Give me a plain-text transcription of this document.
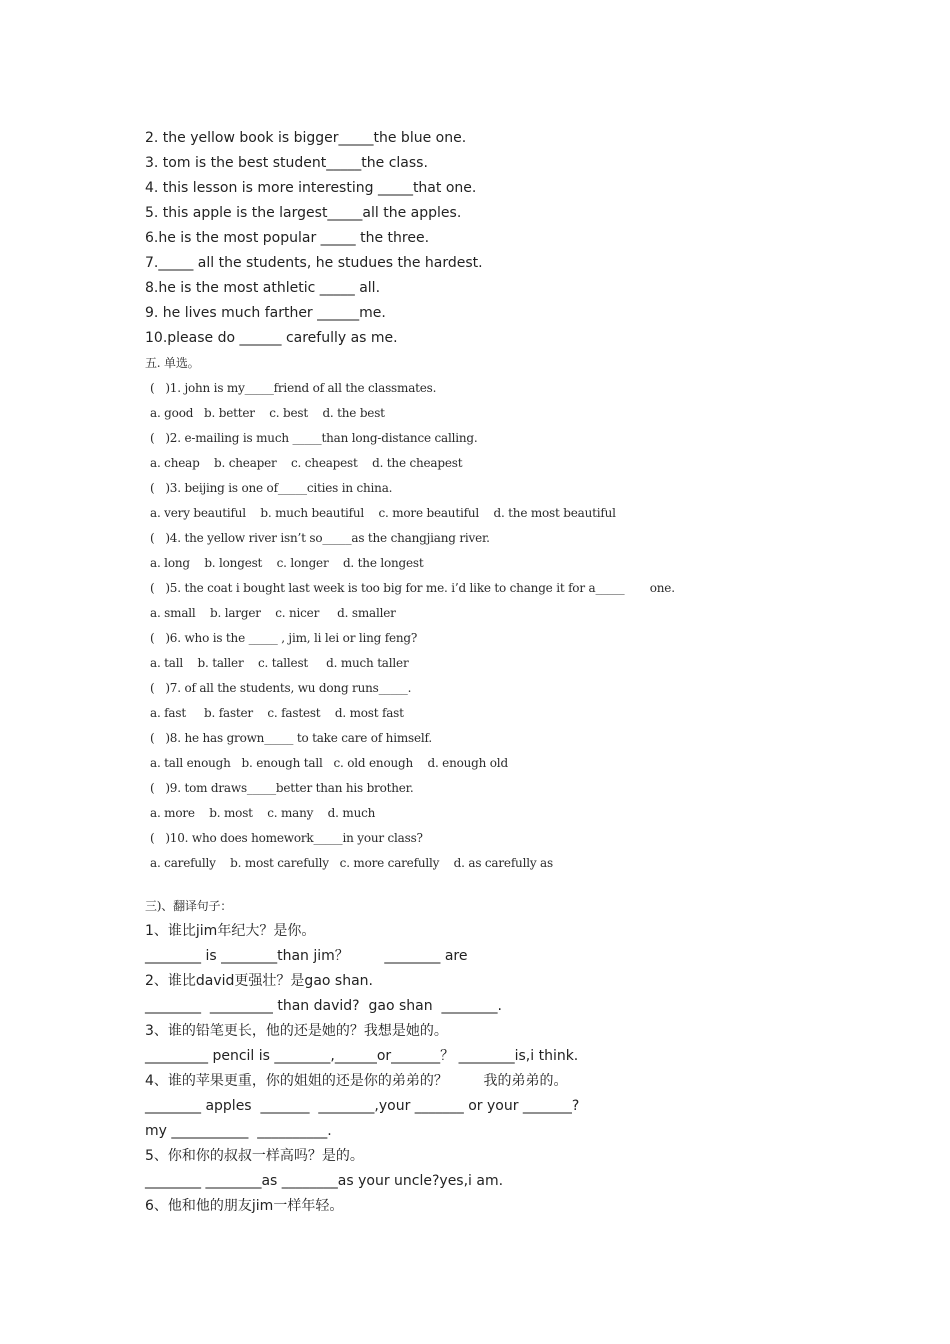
2. the yellow book is bigger_____the blue one.
3. tom is the best student_____the class.
4. this lesson is more interesting _____that one.
5. this apple is the largest_____all the apples.
6.he is the most popular _____ the three.
7._____ all the students, he studues the hardest.
8.he is the most athletic _____ all.
9. he lives much farther ______me.
10.please do ______ carefully as me.
五. 单选。
(   )1. john is my_____friend of all the classmates.
a. good   b. better    c. best    d. the best
(   )2. e-mailing is much _____than long-distance calling.
a. cheap    b. cheaper    c. cheapest    d. the cheapest
(   )3. beijing is one of_____cities in china.
a. very beautiful    b. much beautiful    c. more beautiful    d. the most beautiful
(   )4. the yellow river isn’t so_____as the changjiang river.
a. long    b. longest    c. longer    d. the longest
(   )5. the coat i bought last week is too big for me. i’d like to change it for a_____       one.
a. small    b. larger    c. nicer     d. smaller
(   )6. who is the _____ , jim, li lei or ling feng?
a. tall    b. taller    c. tallest     d. much taller
(   )7. of all the students, wu dong runs_____.
a. fast     b. faster    c. fastest    d. most fast
(   )8. he has grown_____ to take care of himself.
a. tall enough   b. enough tall   c. old enough    d. enough old
(   )9. tom draws_____better than his brother.
a. more    b. most    c. many    d. much
(   )10. who does homework_____in your class?
a. carefully    b. most carefully   c. more carefully    d. as carefully as
三)、翻译句子：
1、谁比jim年纪大？是你。
________ is ________than jim？        ________ are
2、谁比david更强壮？是gao shan.
________  _________ than david?  gao shan  ________.
3、谁的铅笔更长，他的还是她的？我想是她的。
_________ pencil is ________,______or_______？ ________is,i think.
4、谁的苹果更重，你的姐姐的还是你的弟弟的？        我的弟弟的。
________ apples  _______  ________,your _______ or your _______?
my ___________  __________.
5、你和你的叔叔一样高吗？是的。
________ ________as ________as your uncle?yes,i am.
6、他和他的朋友jim一样年轻。
